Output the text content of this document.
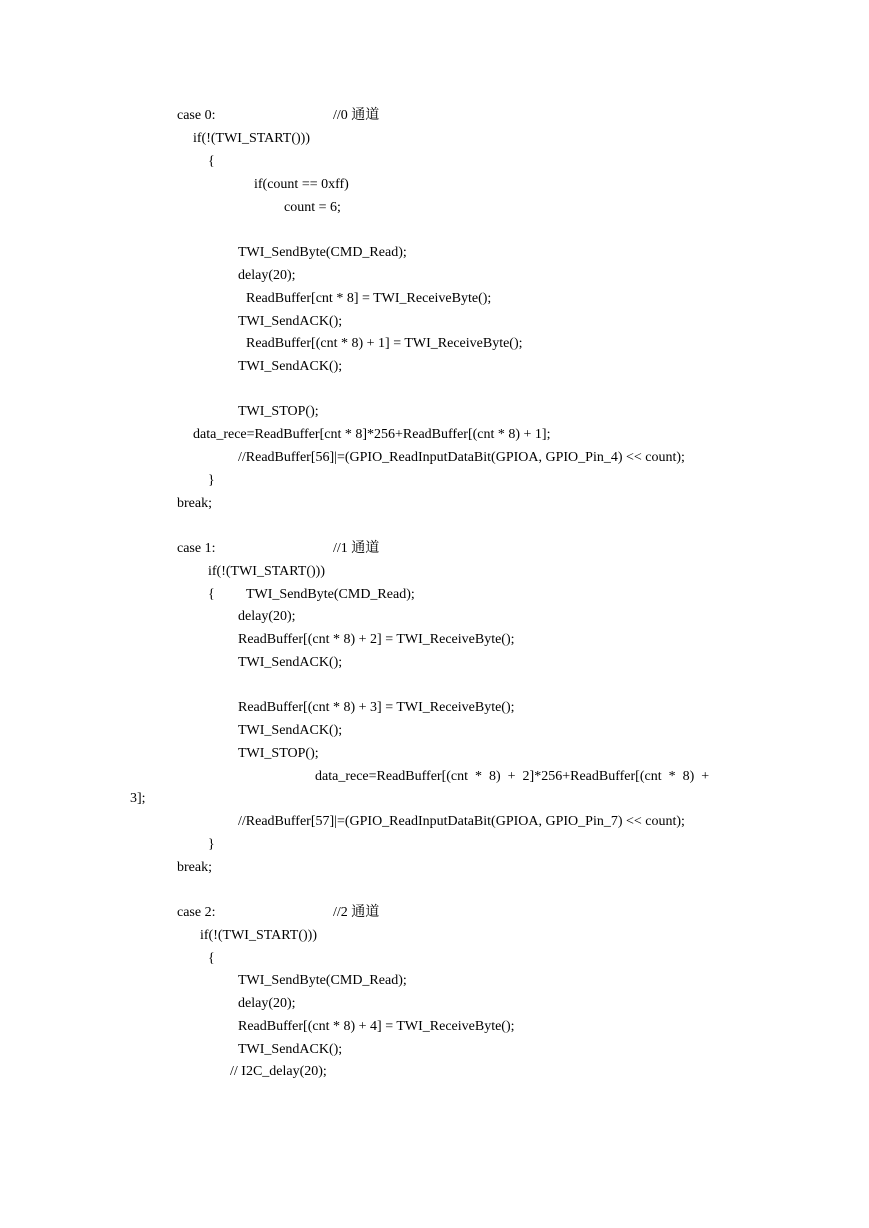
case 0:	//0 通道
if(!(TWI_START()))
{
if(count == 0xff)
count = 6;
TWI_SendByte(CMD_Read);
delay(20);
ReadBuffer[cnt * 8] = TWI_ReceiveByte();
TWI_SendACK();
ReadBuffer[(cnt * 8) + 1] = TWI_ReceiveByte();
TWI_SendACK();
TWI_STOP();
data_rece=ReadBuffer[cnt * 8]*256+ReadBuffer[(cnt * 8) + 1];
//ReadBuffer[56]|=(GPIO_ReadInputDataBit(GPIOA, GPIO_Pin_4) << count);
}
break;
case 1:	//1 通道
if(!(TWI_START()))
{ TWI_SendByte(CMD_Read);
delay(20);
ReadBuffer[(cnt * 8) + 2] = TWI_ReceiveByte();
TWI_SendACK();
ReadBuffer[(cnt * 8) + 3] = TWI_ReceiveByte();
TWI_SendACK();
TWI_STOP();
data_rece=ReadBuffer[(cnt  *  8)  +  2]*256+ReadBuffer[(cnt  *  8)  +
3];
//ReadBuffer[57]|=(GPIO_ReadInputDataBit(GPIOA, GPIO_Pin_7) << count);
}
break;
case 2:	//2 通道
if(!(TWI_START()))
{
TWI_SendByte(CMD_Read);
delay(20);
ReadBuffer[(cnt * 8) + 4] = TWI_ReceiveByte();
TWI_SendACK();
// I2C_delay(20);
